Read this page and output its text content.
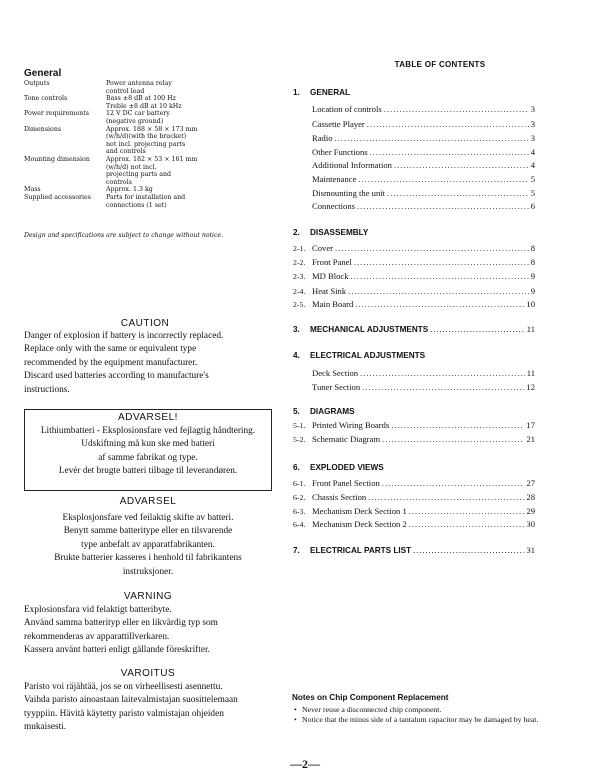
General
Outputs	Power antenna relay
control lead
Tone controls	Bass ±8 dB at 100 Hz
Treble ±8 dB at 10 kHz
Power requirements	12 V DC car battery
(negative ground)
Dimensions	Approx. 188 × 58 × 173 mm
(w/h/d)(with the bracket)
not incl. projecting parts
and controls
Mounting dimension	Approx. 182 × 53 × 161 mm
(w/h/d) not incl.
projecting parts and
controls
Mass	Approx. 1.3 kg
Supplied accessories	Parts for installation and
connections (1 set)
Design and specifications are subject to change without notice.
CAUTION
Danger of explosion if battery is incorrectly replaced.
Replace only with the same or equivalent type
recommended by the equipment manufacturer.
Discard used batteries according to manufacture's
instructions.
ADVARSEL!
Lithiumbatteri - Eksplosionsfare ved fejlagtig håndtering.
Udskiftning må kun ske med batteri
af samme fabrikat og type.
Levér det brugte batteri tilbage til leverandøren.
ADVARSEL
Eksplosjonsfare ved feilaktig skifte av batteri.
Benytt samme batteritype eller en tilsvarende
type anbefalt av apparatfabrikanten.
Brukte batterier kasseres i henhold til fabrikantens
instruksjoner.
VARNING
Explosionsfara vid felaktigt batteribyte.
Använd samma batterityp eller en likvärdig typ som
rekommenderas av apparattillverkaren.
Kassera använt batteri enligt gällande föreskrifter.
VAROITUS
Paristo voi räjähtää, jos se on virheellisesti asennettu.
Vaihda paristo ainoastaan laitevalmistajan suosittelemaan
tyyppiin. Hävitä käytetty paristo valmistajan ohjeiden
mukaisesti.
TABLE OF CONTENTS
1. GENERAL
Location of controls .....	3
Cassette Player .....	3
Radio .....	3
Other Functions .....	4
Additional Information .....	4
Maintenance .....	5
Dismounting the unit .....	5
Connections .....	6
2. DISASSEMBLY
2-1. Cover .....	8
2-2. Front Panel .....	8
2-3. MD Block .....	9
2-4. Heat Sink .....	9
2-5. Main Board .....	10
3.	MECHANICAL ADJUSTMENTS .....	11
4. ELECTRICAL ADJUSTMENTS
Deck Section .....	11
Tuner Section .....	12
5. DIAGRAMS
5-1. Printed Wiring Boards .....	17
5-2. Schematic Diagram .....	21
6. EXPLODED VIEWS
6-1. Front Panel Section .....	27
6-2. Chassis Section .....	28
6-3. Mechanism Deck Section 1 .....	29
6-4. Mechanism Deck Section 2 .....	30
7.	ELECTRICAL PARTS LIST .....	31
Notes on Chip Component Replacement
• Never reuse a disconnected chip component.
• Notice that the minus side of a tantalum capacitor may be damaged by heat.
—2—
